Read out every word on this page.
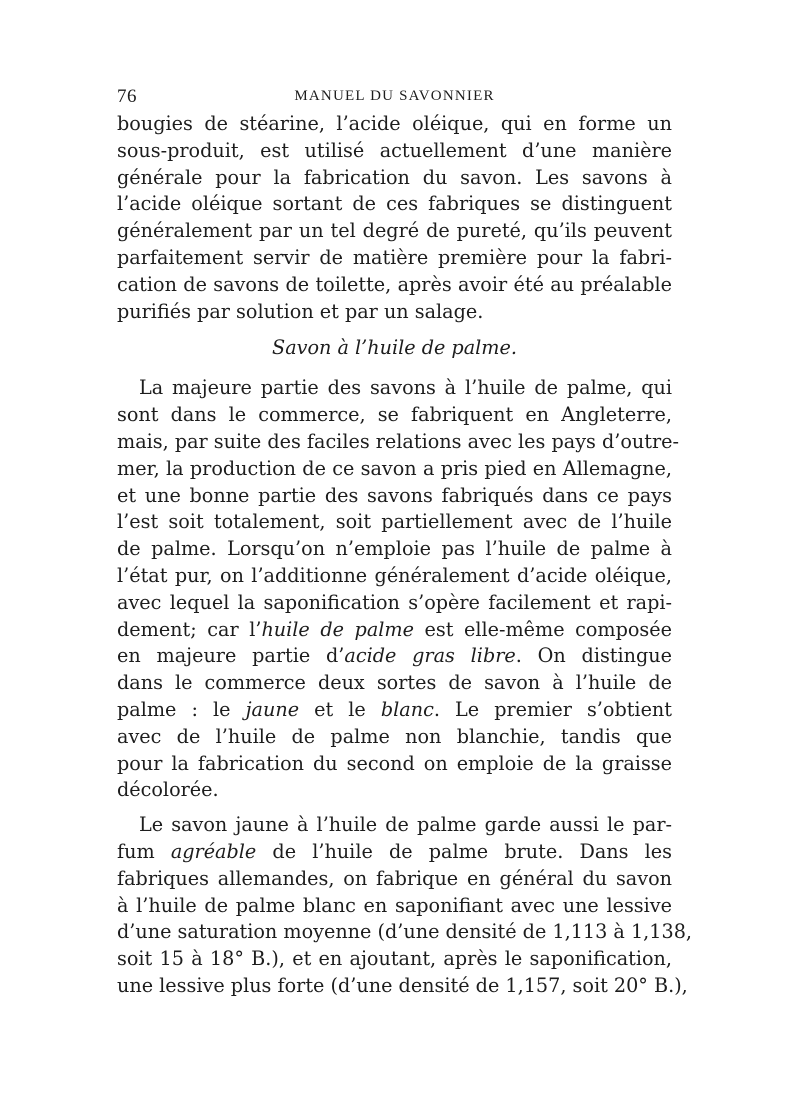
76	MANUEL DU SAVONNIER
bougies de stéarine, l’acide oléique, qui en forme un
sous-produit, est utilisé actuellement d’une manière
générale pour la fabrication du savon. Les savons à
l’acide oléique sortant de ces fabriques se distinguent
généralement par un tel degré de pureté, qu’ils peuvent
parfaitement servir de matière première pour la fabri-
cation de savons de toilette, après avoir été au préalable
purifiés par solution et par un salage.
Savon à l’huile de palme.
La majeure partie des savons à l’huile de palme, qui
sont dans le commerce, se fabriquent en Angleterre,
mais, par suite des faciles relations avec les pays d’outre-
mer, la production de ce savon a pris pied en Allemagne,
et une bonne partie des savons fabriqués dans ce pays
l’est soit totalement, soit partiellement avec de l’huile
de palme. Lorsqu’on n’emploie pas l’huile de palme à
l’état pur, on l’additionne généralement d’acide oléique,
avec lequel la saponification s’opère facilement et rapi-
dement; car l’huile de palme est elle-même composée
en majeure partie d’acide gras libre. On distingue
dans le commerce deux sortes de savon à l’huile de
palme : le jaune et le blanc. Le premier s’obtient
avec de l’huile de palme non blanchie, tandis que
pour la fabrication du second on emploie de la graisse
décolorée.
Le savon jaune à l’huile de palme garde aussi le par-
fum agréable de l’huile de palme brute. Dans les
fabriques allemandes, on fabrique en général du savon
à l’huile de palme blanc en saponifiant avec une lessive
d’une saturation moyenne (d’une densité de 1,113 à 1,138,
soit 15 à 18° B.), et en ajoutant, après le saponification,
une lessive plus forte (d’une densité de 1,157, soit 20° B.),
